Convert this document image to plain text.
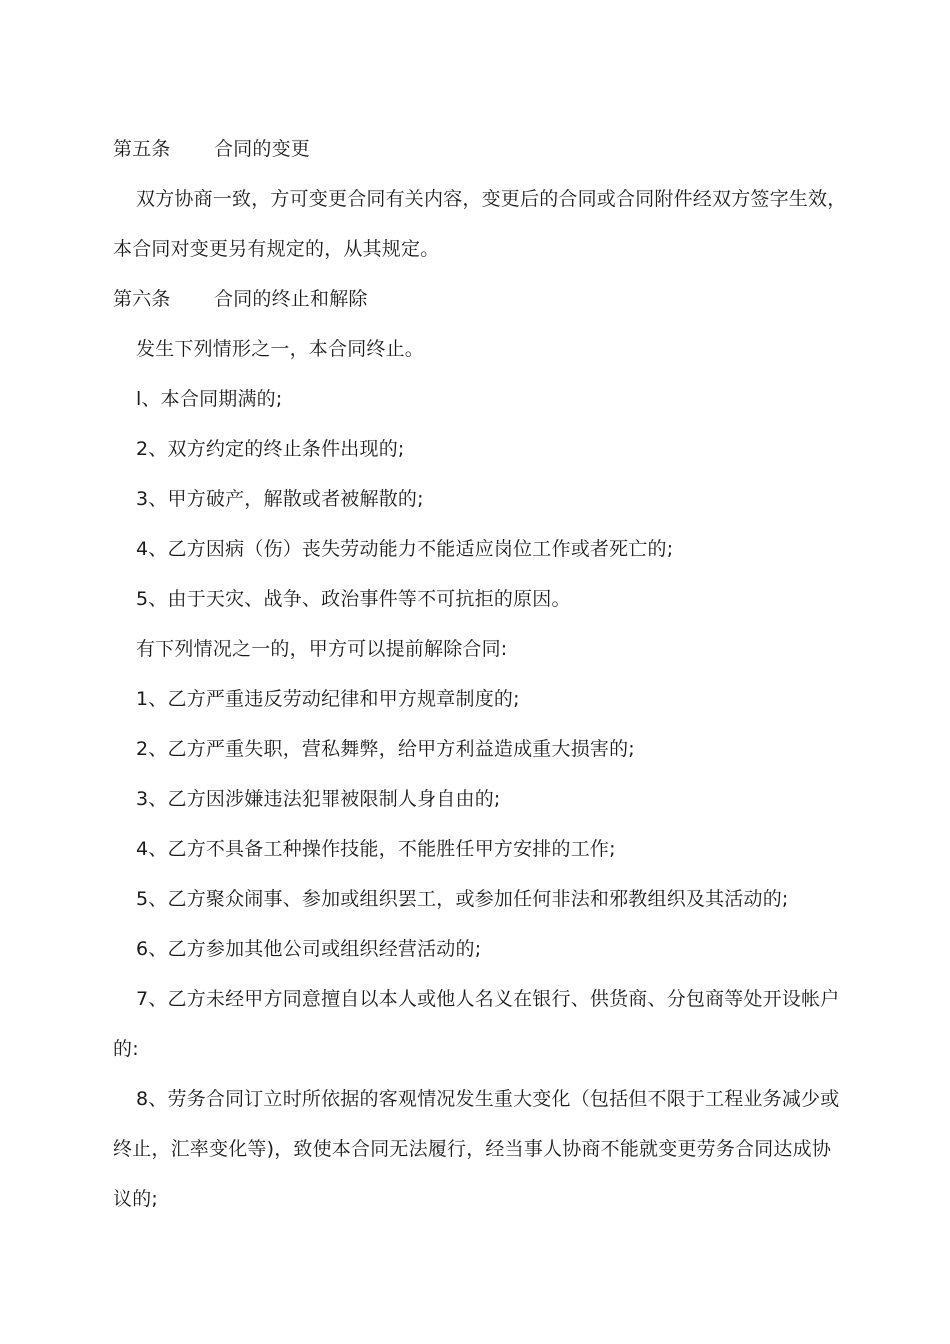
第五条 合同的变更
双方协商一致，方可变更合同有关内容，变更后的合同或合同附件经双方签字生效，
本合同对变更另有规定的，从其规定。
第六条 合同的终止和解除
发生下列情形之一，本合同终止。
l、本合同期满的;
2、双方约定的终止条件出现的;
3、甲方破产，解散或者被解散的;
4、乙方因病（伤）丧失劳动能力不能适应岗位工作或者死亡的;
5、由于天灾、战争、政治事件等不可抗拒的原因。
有下列情况之一的，甲方可以提前解除合同:
1、乙方严重违反劳动纪律和甲方规章制度的;
2、乙方严重失职，营私舞弊，给甲方利益造成重大损害的;
3、乙方因涉嫌违法犯罪被限制人身自由的;
4、乙方不具备工种操作技能，不能胜任甲方安排的工作;
5、乙方聚众闹事、参加或组织罢工，或参加任何非法和邪教组织及其活动的;
6、乙方参加其他公司或组织经营活动的;
7、乙方未经甲方同意擅自以本人或他人名义在银行、供货商、分包商等处开设帐户
的:
8、劳务合同订立时所依据的客观情况发生重大变化（包括但不限于工程业务减少或
终止，汇率变化等)，致使本合同无法履行，经当事人协商不能就变更劳务合同达成协
议的;
